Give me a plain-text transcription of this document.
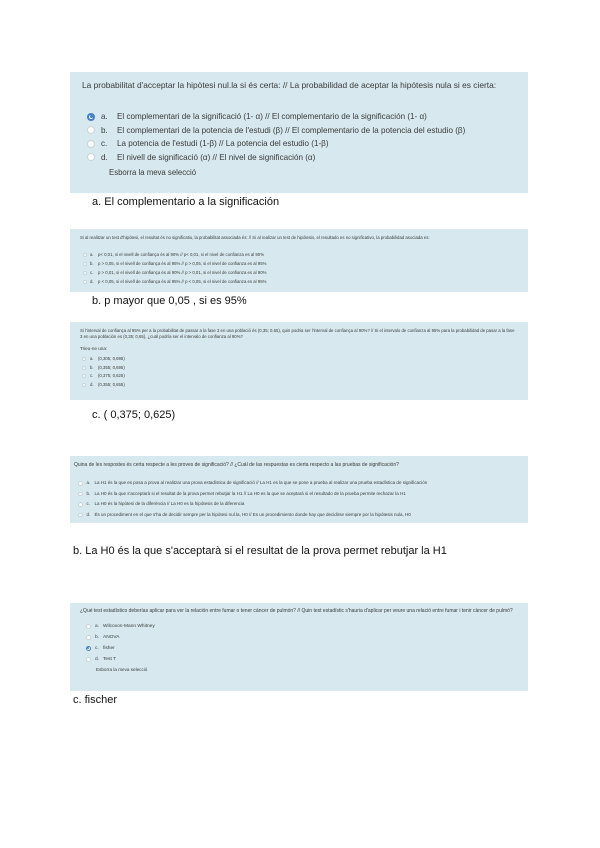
La probabilitat d'acceptar la hipòtesi nul.la si és certa: // La probabilidad de aceptar la hipótesis nula si es cierta:
a.	El complementari de la significació (1- α) // El complementario de la significación (1- α)
b.	El complementari de la potencia de l'estudi (β) // El complementario de la potencia del estudio (β)
c.	La potencia de l'estudi (1-β) // La potencia del estudio (1-β)
d.	El nivell de significació (α) // El nivel de significación (α)
Esborra la meva selecció
a. El complementario a la significación
Si al realitzar un test d'hipòtesi, el resultat és no significatiu, la probabilitat associada és: // Si al realizar un test de hipótesis, el resultado es no significativo, la probabilidad asociada es:
a.	p< 0,01, si el nivell de confiança és al 90% // p< 0,01, si el nivel de confianza es al 90%
b.	p > 0,05, si el nivell de confiança és al 95% // p > 0,05, si el nivel de confianza es al 95%
c.	p > 0,01, si el nivell de confiança és al 90% // p > 0,01, si el nivel de confianza es al 90%
d.	p < 0,05, si el nivell de confiança és al 95% // p < 0,05, si el nivel de confianza es al 95%
b. p mayor que 0,05 , si es 95%
Si l'interval de confiança al 95% per a la probabilitat de passar a la fase 3 en una població és (0,35; 0,65), quin podria ser l'interval de confiança al 90%? // Si el intervalo de confianza al 95% para la probabilidad de pasar a la fase 3 en una población es (0,35; 0,65), ¿cuál podría ser el intervalo de confianza al 90%?
Trieu-ne una:
a.	(0,305; 0,695)
b.	(0,355; 0,695)
c.	(0,375; 0,625)
d.	(0,355; 0,655)
c. ( 0,375; 0,625)
Quina de les respostes és certa respecte a les proves de significació? // ¿Cuál de las respuestas es cierta respecto a las pruebas de significación?
a. La H1 és la que es posa a prova al realitzar una prova estadística de significació // La H1 es la que se pone a prueba al realizar una prueba estadística de significación
b. La H0 és la que s'acceptarà si el resultat de la prova permet rebutjar la H1 // La H0 es la que se aceptará si el resultado de la prueba permite rechazar la H1
c. La H0 és la hipòtesi de la diferència // La H0 es la hipótesis de la diferencia
d. És un procediment en el que s'ha de decidir sempre per la hipòtesi nul.la, H0 // Es un procedimiento donde hay que decidirse siempre por la hipótesis nula, H0
b. La H0 és la que s'acceptarà si el resultat de la prova permet rebutjar la H1
¿Qué test estadístico deberías aplicar para ver la relación entre fumar o tener cáncer de pulmón? // Quin test estadístic s'hauria d'aplicar per veure una relació entre fumar i tenir càncer de pulmó?
a. Wilcoxon-Mann Whitney
b. ANOVA
c. fisher
d. Test T
Esborra la meva selecció
c. fischer
